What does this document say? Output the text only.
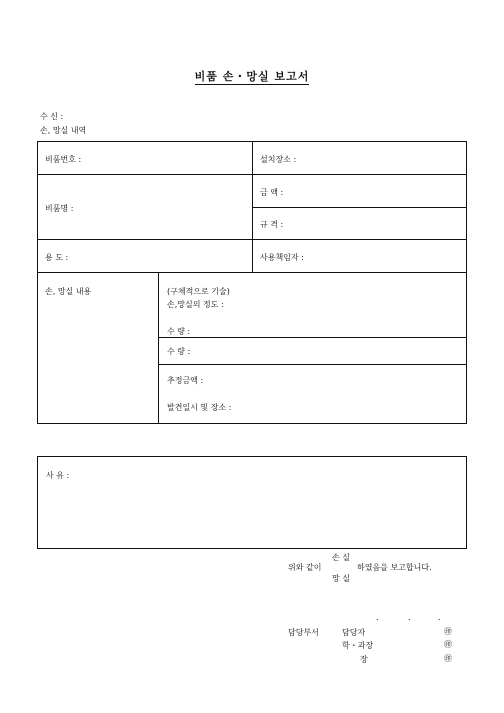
비품 손・망실 보고서
수 신 :
손, 망실 내역
비품번호 :	설치장소 :
비품명 :
금 액 :
규 격 :
용 도 :	사용책임자 :
손, 망실 내용	(구체적으로 기술)
손,망실의 정도 :
수 량 :
수 량 :
추정금액 :
발견일시 및 장소 :
사 유 :
위와 같이
손 실
망 실
하였음을 보고합니다.
.	.	.
담당부서	담당자	㊞
학・과장	㊞
장	㊞
